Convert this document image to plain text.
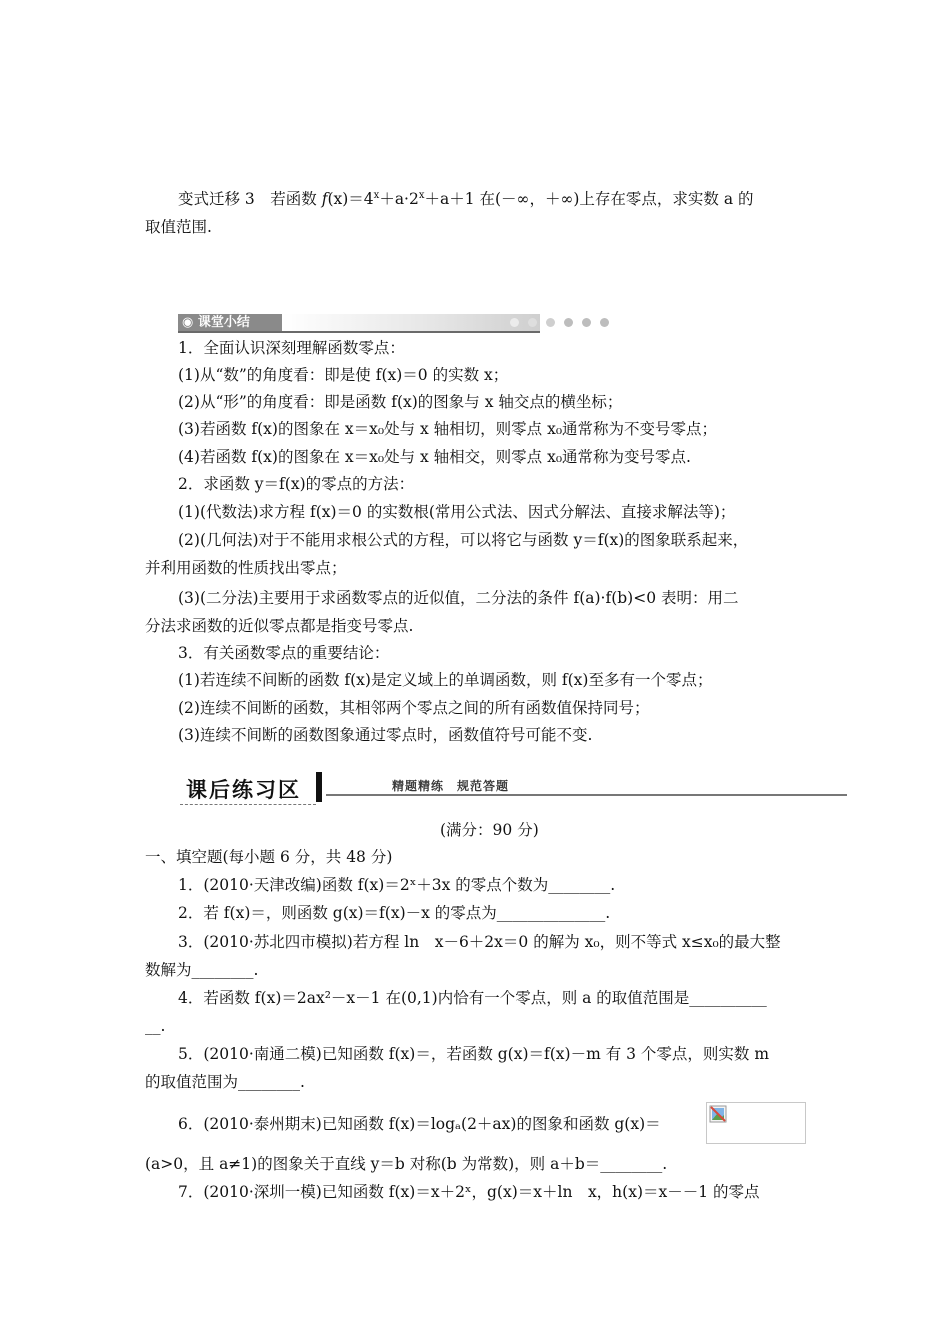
变式迁移 3　若函数 $f(x)=4^x+a\cdot 2^x+a+1$ 在(－∞，＋∞)上存在零点，求实数 a 的
取值范围.
◉ 课堂小结
1．全面认识深刻理解函数零点：
(1)从“数”的角度看：即是使 f(x)＝0 的实数 x；
(2)从“形”的角度看：即是函数 f(x)的图象与 x 轴交点的横坐标；
(3)若函数 f(x)的图象在 x＝x₀处与 x 轴相切，则零点 x₀通常称为不变号零点；
(4)若函数 f(x)的图象在 x＝x₀处与 x 轴相交，则零点 x₀通常称为变号零点.
2．求函数 y＝f(x)的零点的方法：
(1)(代数法)求方程 f(x)＝0 的实数根(常用公式法、因式分解法、直接求解法等)；
(2)(几何法)对于不能用求根公式的方程，可以将它与函数 y＝f(x)的图象联系起来，
并利用函数的性质找出零点；
(3)(二分法)主要用于求函数零点的近似值，二分法的条件 f(a)·f(b)<0 表明：用二
分法求函数的近似零点都是指变号零点.
3．有关函数零点的重要结论：
(1)若连续不间断的函数 f(x)是定义域上的单调函数，则 f(x)至多有一个零点；
(2)连续不间断的函数，其相邻两个零点之间的所有函数值保持同号；
(3)连续不间断的函数图象通过零点时，函数值符号可能不变.
课后练习区	精题精练　规范答题
(满分：90 分)
一、填空题(每小题 6 分，共 48 分)
1．(2010·天津改编)函数 f(x)＝2ˣ＋3x 的零点个数为________.
2．若 f(x)＝，则函数 g(x)＝f(x)－x 的零点为______________.
3．(2010·苏北四市模拟)若方程 ln　x－6＋2x＝0 的解为 x₀，则不等式 x≤x₀的最大整
数解为________.
4．若函数 f(x)＝2ax²－x－1 在(0,1)内恰有一个零点，则 a 的取值范围是__________
__.
5．(2010·南通二模)已知函数 f(x)＝，若函数 g(x)＝f(x)－m 有 3 个零点，则实数 m
的取值范围为________.
6．(2010·泰州期末)已知函数 f(x)＝logₐ(2＋ax)的图象和函数 g(x)＝
(a>0，且 a≠1)的图象关于直线 y＝b 对称(b 为常数)，则 a＋b＝________.
7．(2010·深圳一模)已知函数 f(x)＝x＋2ˣ，g(x)＝x＋ln　x，h(x)＝x－－1 的零点
